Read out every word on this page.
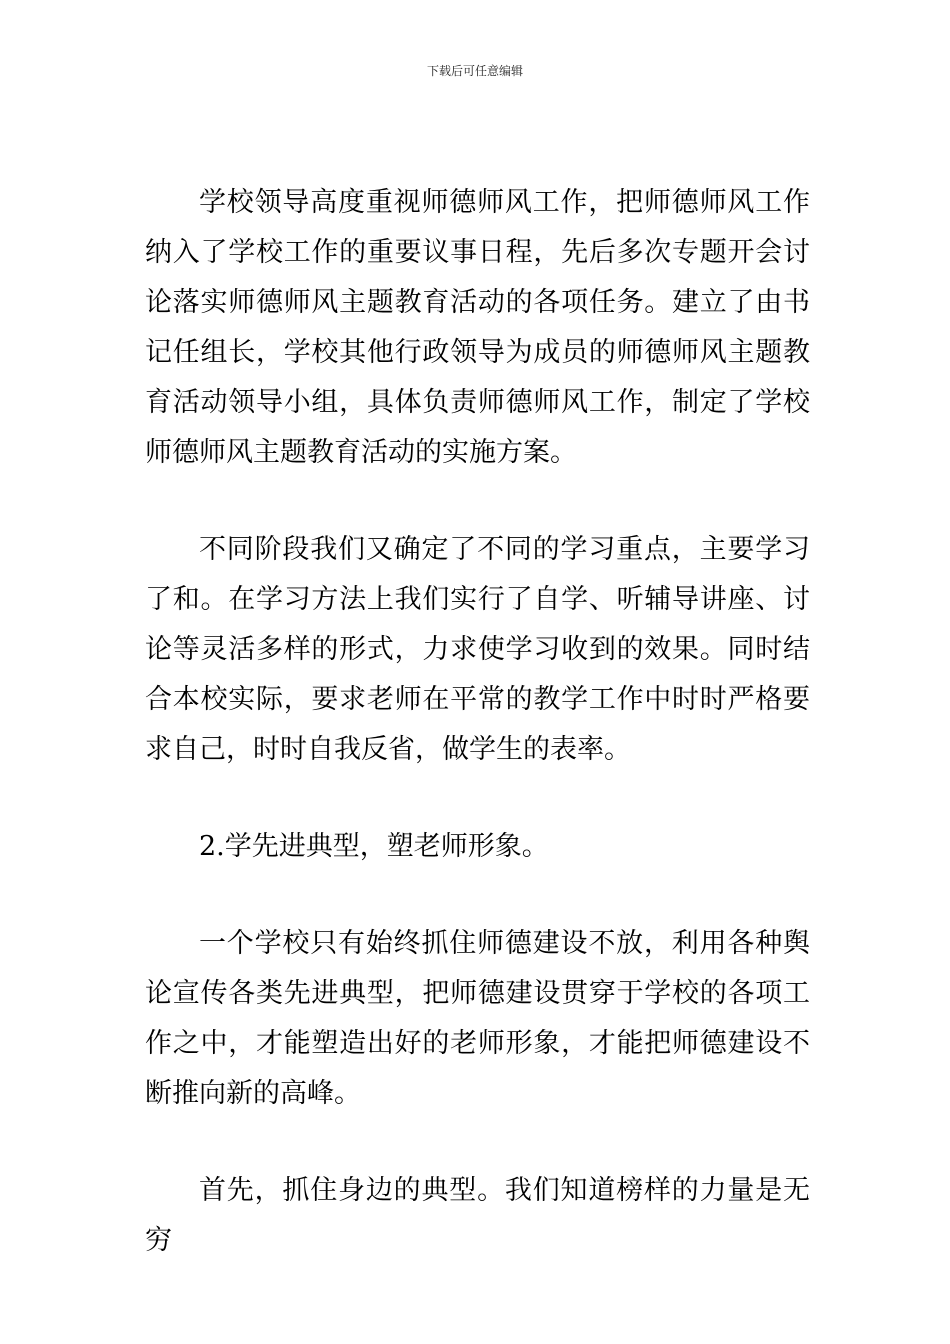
下载后可任意编辑

学校领导高度重视师德师风工作，把师德师风工作纳入了学校工作的重要议事日程，先后多次专题开会讨论落实师德师风主题教育活动的各项任务。建立了由书记任组长，学校其他行政领导为成员的师德师风主题教育活动领导小组，具体负责师德师风工作，制定了学校师德师风主题教育活动的实施方案。

不同阶段我们又确定了不同的学习重点，主要学习了和。在学习方法上我们实行了自学、听辅导讲座、讨论等灵活多样的形式，力求使学习收到的效果。同时结合本校实际，要求老师在平常的教学工作中时时严格要求自己，时时自我反省，做学生的表率。

2.学先进典型，塑老师形象。

一个学校只有始终抓住师德建设不放，利用各种舆论宣传各类先进典型，把师德建设贯穿于学校的各项工作之中，才能塑造出好的老师形象，才能把师德建设不断推向新的高峰。

首先，抓住身边的典型。我们知道榜样的力量是无穷
